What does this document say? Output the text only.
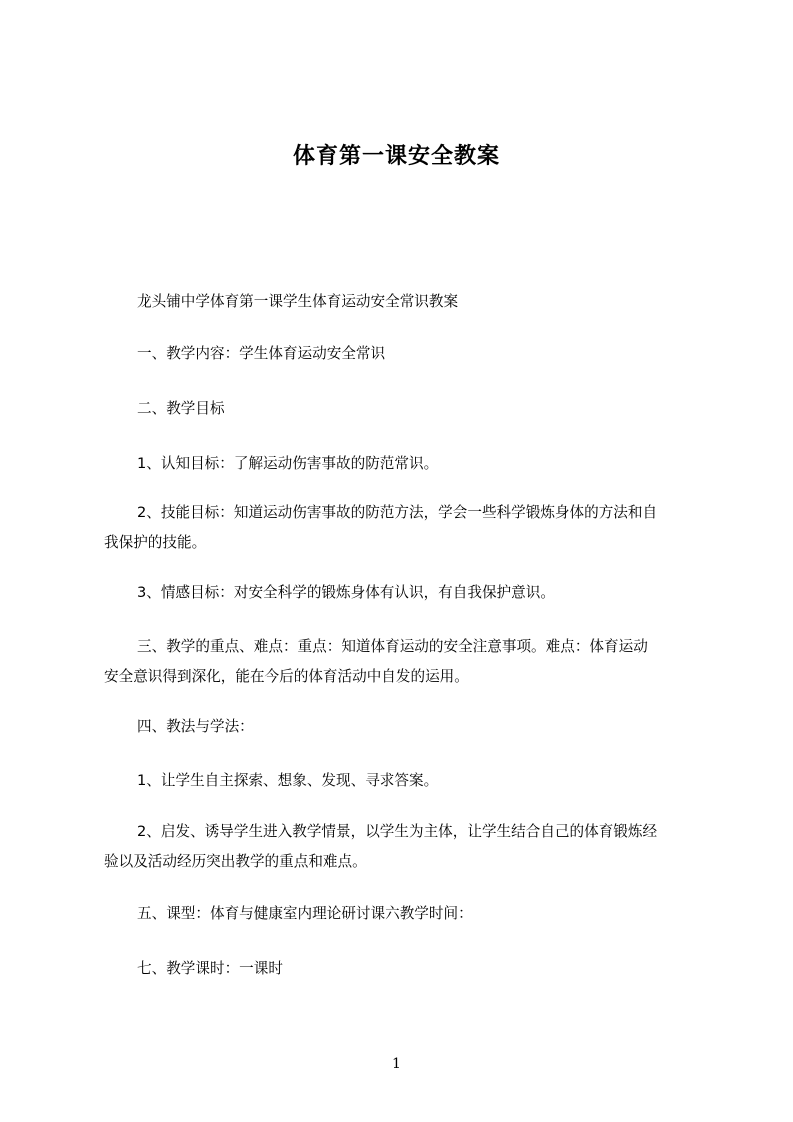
体育第一课安全教案
龙头铺中学体育第一课学生体育运动安全常识教案
一、教学内容：学生体育运动安全常识
二、教学目标
1、认知目标：了解运动伤害事故的防范常识。
2、技能目标：知道运动伤害事故的防范方法，学会一些科学锻炼身体的方法和自
我保护的技能。
3、情感目标：对安全科学的锻炼身体有认识，有自我保护意识。
三、教学的重点、难点：重点：知道体育运动的安全注意事项。难点：体育运动
安全意识得到深化，能在今后的体育活动中自发的运用。
四、教法与学法：
1、让学生自主探索、想象、发现、寻求答案。
2、启发、诱导学生进入教学情景，以学生为主体，让学生结合自己的体育锻炼经
验以及活动经历突出教学的重点和难点。
五、课型：体育与健康室内理论研讨课六教学时间：
七、教学课时：一课时
1
